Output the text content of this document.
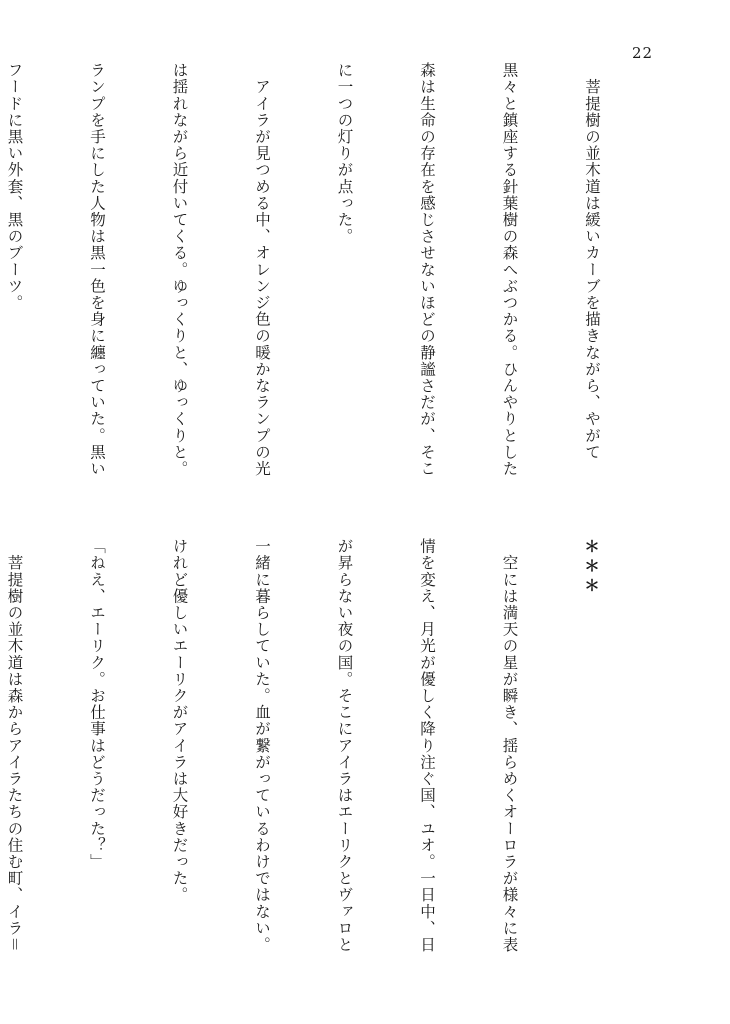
22

　菩提樹の並木道は緩いカーブを描きながら、やがて

黒々と鎮座する針葉樹の森へぶつかる。ひんやりとした

森は生命の存在を感じさせないほどの静謐さだが、そこ

に一つの灯りが点った。

　アイラが見つめる中、オレンジ色の暖かなランプの光

は揺れながら近付いてくる。ゆっくりと、ゆっくりと。

ランプを手にした人物は黒一色を身に纏っていた。黒い

フードに黒い外套、黒のブーツ。

＊＊＊

　空には満天の星が瞬き、揺らめくオーロラが様々に表

情を変え、月光が優しく降り注ぐ国、ユオ。一日中、日

が昇らない夜の国。そこにアイラはエーリクとヴァロと

一緒に暮らしていた。血が繋がっているわけではない。

けれど優しいエーリクがアイラは大好きだった。

「ねえ、エーリク。お仕事はどうだった？」

　菩提樹の並木道は森からアイラたちの住む町、イラ＝
